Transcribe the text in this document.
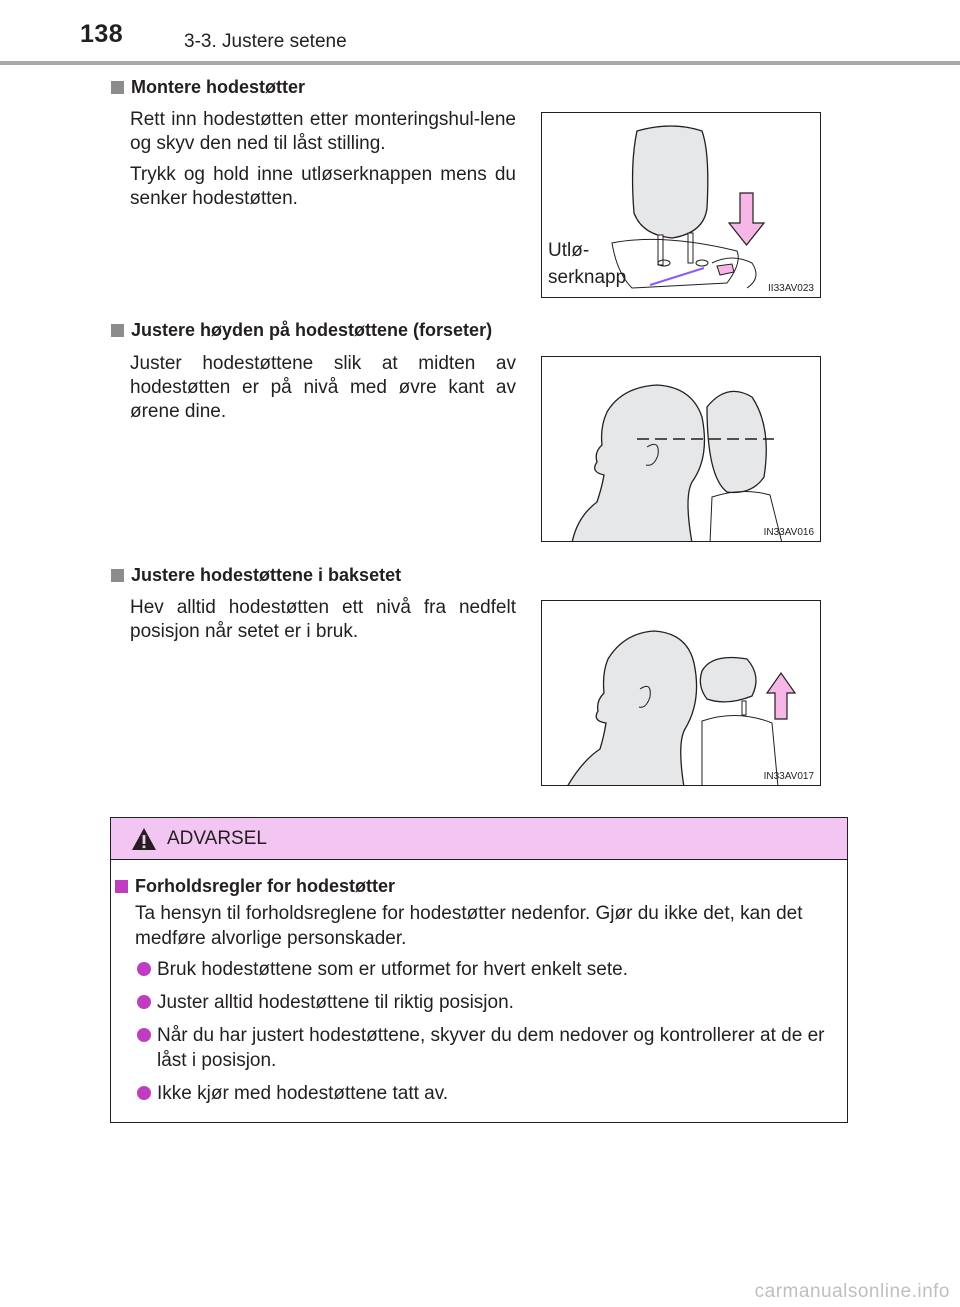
138	3-3. Justere setene
Montere hodestøtter

Rett inn hodestøtten etter monteringshul-lene og skyv den ned til låst stilling.

Trykk og hold inne utløserknappen mens du senker hodestøtten.

Utlø-
serknapp
II33AV023
Justere høyden på hodestøttene (forseter)

Juster hodestøttene slik at midten av hodestøtten er på nivå med øvre kant av ørene dine.

IN33AV016
Justere hodestøttene i baksetet

Hev alltid hodestøtten ett nivå fra nedfelt posisjon når setet er i bruk.

IN33AV017
ADVARSEL
Forholdsregler for hodestøtter

Ta hensyn til forholdsreglene for hodestøtter nedenfor. Gjør du ikke det, kan det medføre alvorlige personskader.

Bruk hodestøttene som er utformet for hvert enkelt sete.
Juster alltid hodestøttene til riktig posisjon.
Når du har justert hodestøttene, skyver du dem nedover og kontrollerer at de er låst i posisjon.
Ikke kjør med hodestøttene tatt av.
carmanualsonline.info
